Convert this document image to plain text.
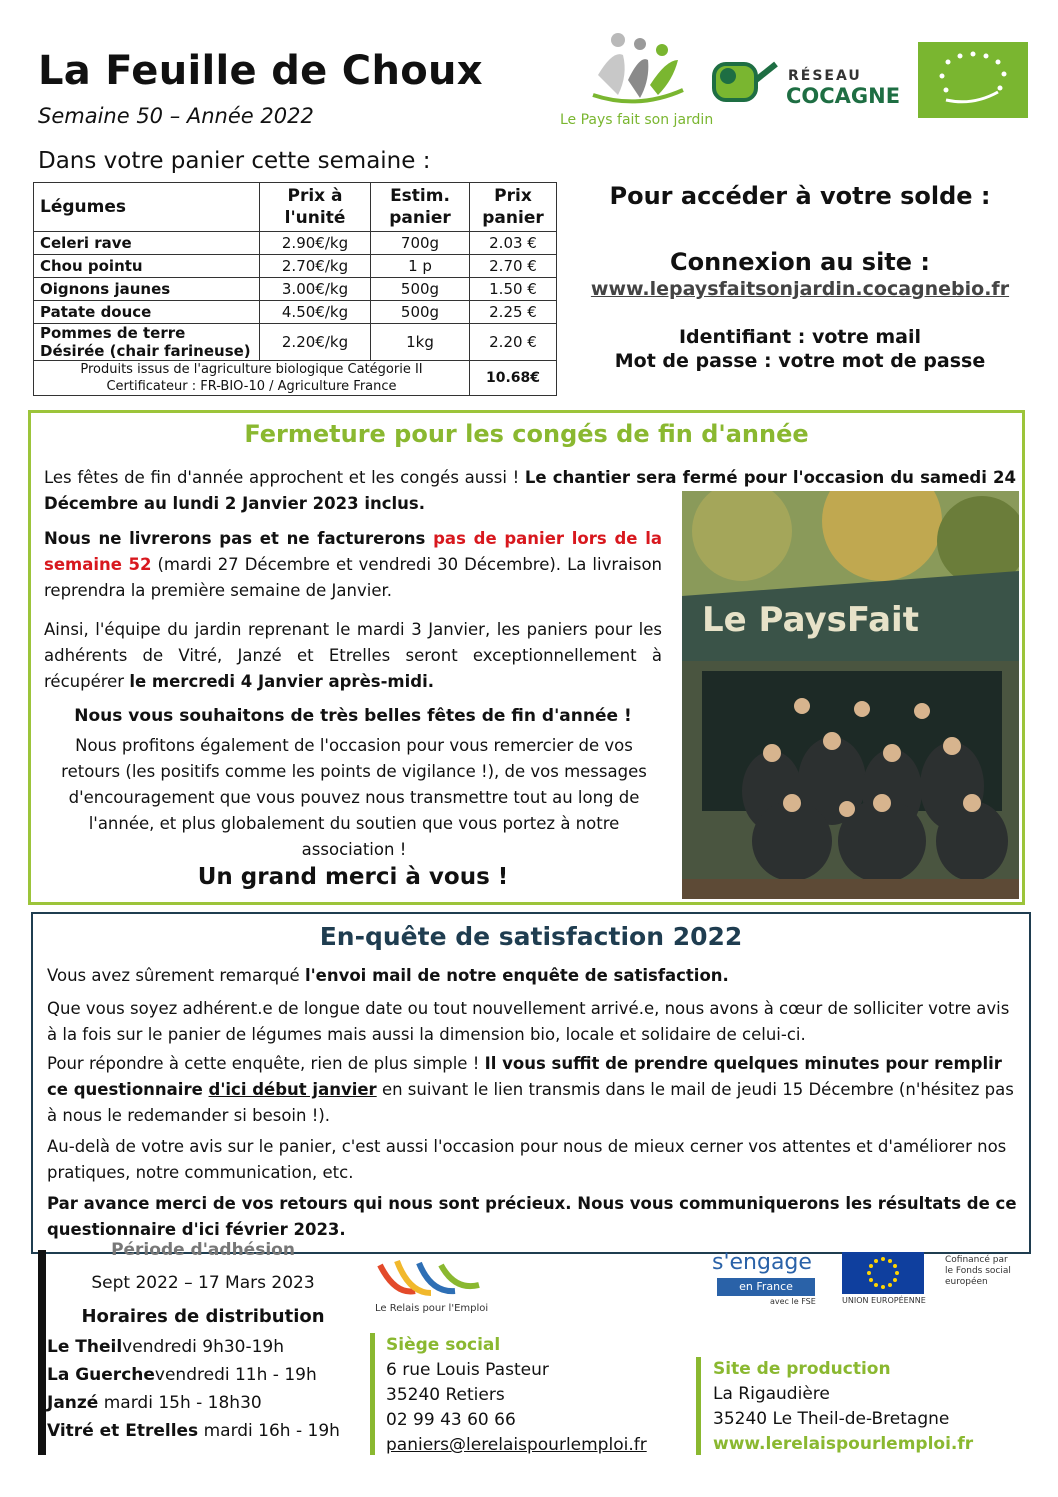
La Feuille de Choux
Semaine 50 – Année 2022
Dans votre panier cette semaine :
Le Pays fait son jardin
RÉSEAU
COCAGNE
Légumes	Prix à l'unité	Estim. panier	Prix panier
Celeri rave	2.90€/kg	700g	2.03 €
Chou pointu	2.70€/kg	1 p	2.70 €
Oignons jaunes	3.00€/kg	500g	1.50 €
Patate douce	4.50€/kg	500g	2.25 €
Pommes de terre Désirée (chair farineuse)	2.20€/kg	1kg	2.20 €

Produits issus de l'agriculture biologique Catégorie II
Certificateur : FR-BIO-10 / Agriculture France			10.68€
Pour accéder à votre solde :
Connexion au site :
www.lepaysfaitsonjardin.cocagnebio.fr
Identifiant : votre mail
Mot de passe : votre mot de passe
Fermeture pour les congés de fin d'année
Les fêtes de fin d'année approchent et les congés aussi ! Le chantier sera fermé pour l'occasion du samedi 24 Décembre au lundi 2 Janvier 2023 inclus.
Nous ne livrerons pas et ne facturerons pas de panier lors de la semaine 52 (mardi 27 Décembre et vendredi 30 Décembre). La livraison reprendra la première semaine de Janvier.
Ainsi, l'équipe du jardin reprenant le mardi 3 Janvier, les paniers pour les adhérents de Vitré, Janzé et Etrelles seront exceptionnellement à récupérer le mercredi 4 Janvier après-midi.
Nous vous souhaitons de très belles fêtes de fin d'année !
Nous profitons également de l'occasion pour vous remercier de vos retours (les positifs comme les points de vigilance !), de vos messages d'encouragement que vous pouvez nous transmettre tout au long de l'année, et plus globalement du soutien que vous portez à notre association !
Un grand merci à vous !
Le PaysFait
En-quête de satisfaction 2022
Vous avez sûrement remarqué l'envoi mail de notre enquête de satisfaction.
Que vous soyez adhérent.e de longue date ou tout nouvellement arrivé.e, nous avons à cœur de solliciter votre avis à la fois sur le panier de légumes mais aussi la dimension bio, locale et solidaire de celui-ci.
Pour répondre à cette enquête, rien de plus simple ! Il vous suffit de prendre quelques minutes pour remplir ce questionnaire d'ici début janvier en suivant le lien transmis dans le mail de jeudi 15 Décembre (n'hésitez pas à nous le redemander si besoin !).
Au-delà de votre avis sur le panier, c'est aussi l'occasion pour nous de mieux cerner vos attentes et d'améliorer nos pratiques, notre communication, etc.
Par avance merci de vos retours qui nous sont précieux. Nous vous communiquerons les résultats de ce questionnaire d'ici février 2023.
Période d'adhésion
Sept 2022 – 17 Mars 2023
Horaires de distribution
Le Theilvendredi 9h30-19h
La Guerchevendredi 11h - 19h
Janzé mardi 15h - 18h30
Vitré et Etrelles mardi 16h - 19h
Le Relais pour l'Emploi
Siège social
6 rue Louis Pasteur
35240 Retiers
02 99 43 60 66
paniers@lerelaispourlemploi.fr
s'engage
en France
avec le FSE	UNION EUROPÉENNE
Cofinancé par le Fonds social européen
Site de production
La Rigaudière
35240 Le Theil-de-Bretagne
www.lerelaispourlemploi.fr
